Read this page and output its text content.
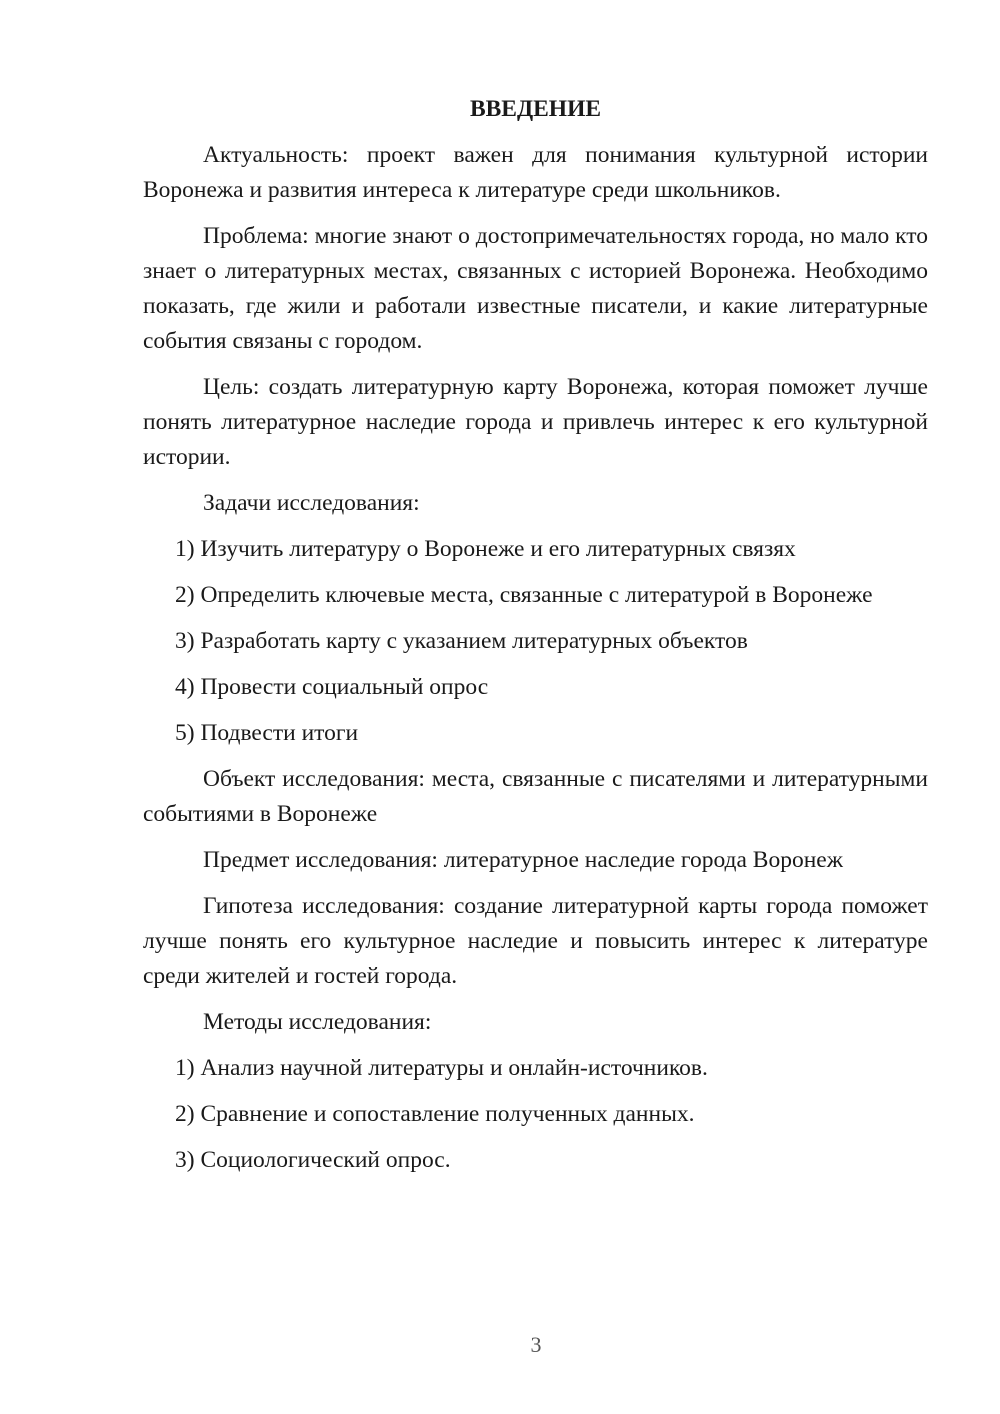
ВВЕДЕНИЕ
Актуальность: проект важен для понимания культурной истории Воронежа и развития интереса к литературе среди школьников.
Проблема: многие знают о достопримечательностях города, но мало кто знает о литературных местах, связанных с историей Воронежа. Необходимо показать, где жили и работали известные писатели, и какие литературные события связаны с городом.
Цель: создать литературную карту Воронежа, которая поможет лучше понять литературное наследие города и привлечь интерес к его культурной истории.
Задачи исследования:
1) Изучить литературу о Воронеже и его литературных связях
2) Определить ключевые места, связанные с литературой в Воронеже
3) Разработать карту с указанием литературных объектов
4) Провести социальный опрос
5) Подвести итоги
Объект исследования: места, связанные с писателями и литературными событиями в Воронеже
Предмет исследования: литературное наследие города Воронеж
Гипотеза исследования: создание литературной карты города поможет лучше понять его культурное наследие и повысить интерес к литературе среди жителей и гостей города.
Методы исследования:
1) Анализ научной литературы и онлайн-источников.
2) Сравнение и сопоставление полученных данных.
3) Социологический опрос.
3
